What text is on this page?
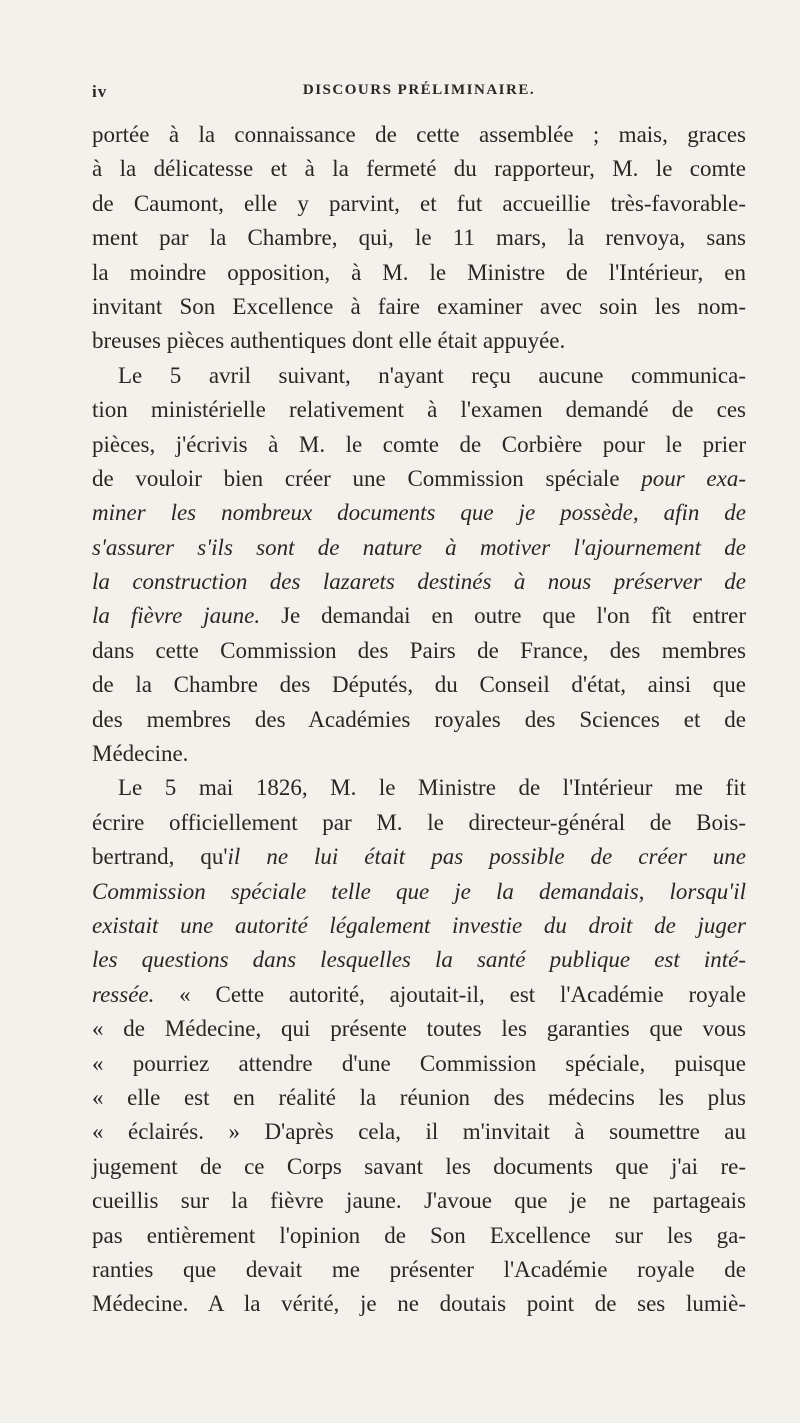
iv	DISCOURS PRÉLIMINAIRE.
portée à la connaissance de cette assemblée ; mais, graces
à la délicatesse et à la fermeté du rapporteur, M. le comte
de Caumont, elle y parvint, et fut accueillie très-favorable-
ment par la Chambre, qui, le 11 mars, la renvoya, sans
la moindre opposition, à M. le Ministre de l'Intérieur, en
invitant Son Excellence à faire examiner avec soin les nom-
breuses pièces authentiques dont elle était appuyée.
Le 5 avril suivant, n'ayant reçu aucune communica-
tion ministérielle relativement à l'examen demandé de ces
pièces, j'écrivis à M. le comte de Corbière pour le prier
de vouloir bien créer une Commission spéciale pour exa-
miner les nombreux documents que je possède, afin de
s'assurer s'ils sont de nature à motiver l'ajournement de
la construction des lazarets destinés à nous préserver de
la fièvre jaune. Je demandai en outre que l'on fît entrer
dans cette Commission des Pairs de France, des membres
de la Chambre des Députés, du Conseil d'état, ainsi que
des membres des Académies royales des Sciences et de
Médecine.
Le 5 mai 1826, M. le Ministre de l'Intérieur me fit
écrire officiellement par M. le directeur-général de Bois-
bertrand, qu'il ne lui était pas possible de créer une
Commission spéciale telle que je la demandais, lorsqu'il
existait une autorité légalement investie du droit de juger
les questions dans lesquelles la santé publique est inté-
ressée. « Cette autorité, ajoutait-il, est l'Académie royale
« de Médecine, qui présente toutes les garanties que vous
« pourriez attendre d'une Commission spéciale, puisque
« elle est en réalité la réunion des médecins les plus
« éclairés. » D'après cela, il m'invitait à soumettre au
jugement de ce Corps savant les documents que j'ai re-
cueillis sur la fièvre jaune. J'avoue que je ne partageais
pas entièrement l'opinion de Son Excellence sur les ga-
ranties que devait me présenter l'Académie royale de
Médecine. A la vérité, je ne doutais point de ses lumiè-
